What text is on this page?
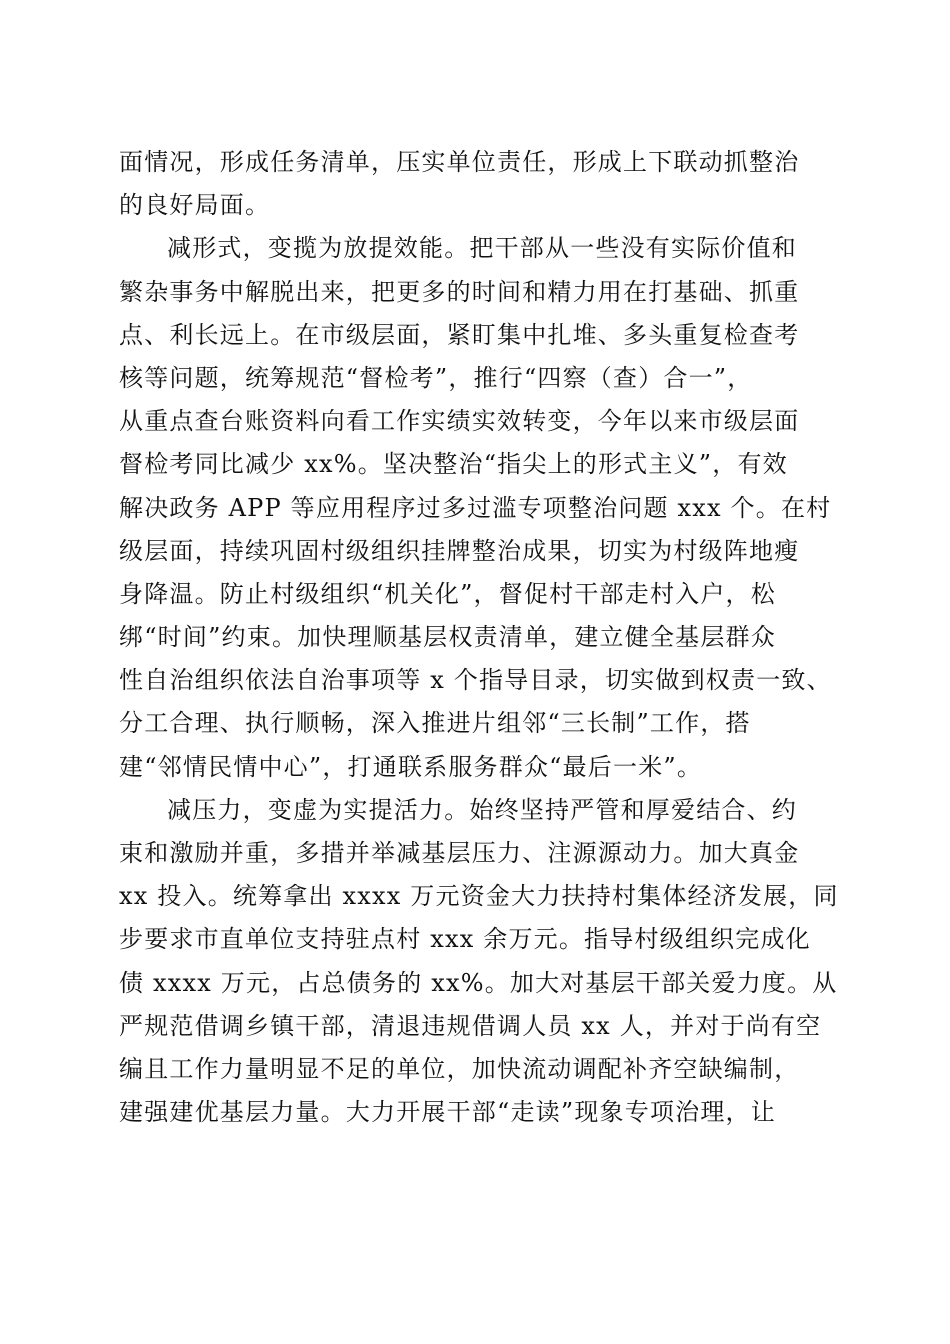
面情况，形成任务清单，压实单位责任，形成上下联动抓整治
的良好局面。
减形式，变揽为放提效能。把干部从一些没有实际价值和
繁杂事务中解脱出来，把更多的时间和精力用在打基础、抓重
点、利长远上。在市级层面，紧盯集中扎堆、多头重复检查考
核等问题，统筹规范“督检考”，推行“四察（查）合一”，
从重点查台账资料向看工作实绩实效转变，今年以来市级层面
督检考同比减少 xx%。坚决整治“指尖上的形式主义”，有效
解决政务 APP 等应用程序过多过滥专项整治问题 xxx 个。在村
级层面，持续巩固村级组织挂牌整治成果，切实为村级阵地瘦
身降温。防止村级组织“机关化”，督促村干部走村入户，松
绑“时间”约束。加快理顺基层权责清单，建立健全基层群众
性自治组织依法自治事项等 x 个指导目录，切实做到权责一致、
分工合理、执行顺畅，深入推进片组邻“三长制”工作，搭
建“邻情民情中心”，打通联系服务群众“最后一米”。
减压力，变虚为实提活力。始终坚持严管和厚爱结合、约
束和激励并重，多措并举减基层压力、注源源动力。加大真金
xx 投入。统筹拿出 xxxx 万元资金大力扶持村集体经济发展，同
步要求市直单位支持驻点村 xxx 余万元。指导村级组织完成化
债 xxxx 万元，占总债务的 xx%。加大对基层干部关爱力度。从
严规范借调乡镇干部，清退违规借调人员 xx 人，并对于尚有空
编且工作力量明显不足的单位，加快流动调配补齐空缺编制，
建强建优基层力量。大力开展干部“走读”现象专项治理，让
